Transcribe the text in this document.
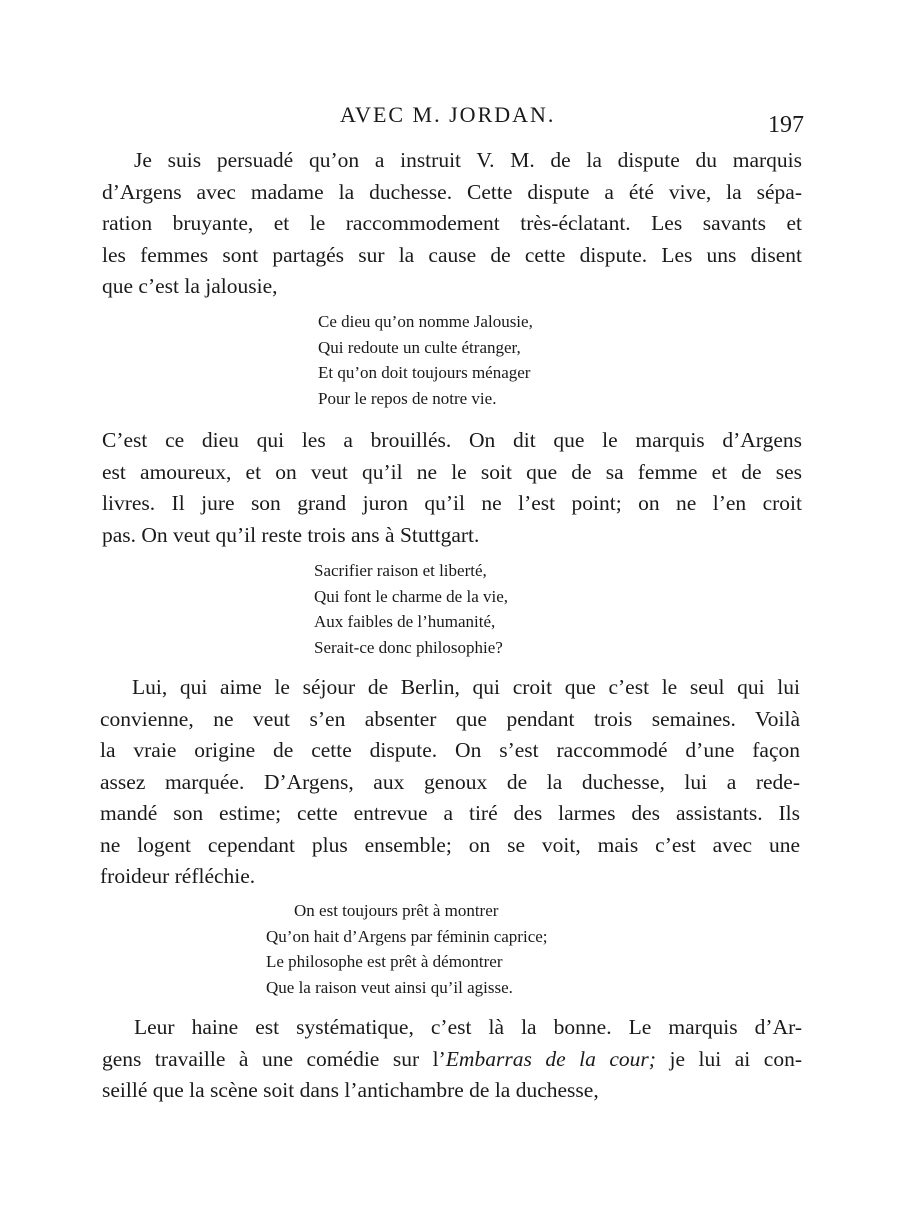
AVEC M. JORDAN.	197
Je suis persuadé qu’on a instruit V. M. de la dispute du marquis
d’Argens avec madame la duchesse. Cette dispute a été vive, la sépa-
ration bruyante, et le raccommodement très-éclatant. Les savants et
les femmes sont partagés sur la cause de cette dispute. Les uns disent
que c’est la jalousie,
Ce dieu qu’on nomme Jalousie,
Qui redoute un culte étranger,
Et qu’on doit toujours ménager
Pour le repos de notre vie.
C’est ce dieu qui les a brouillés. On dit que le marquis d’Argens
est amoureux, et on veut qu’il ne le soit que de sa femme et de ses
livres. Il jure son grand juron qu’il ne l’est point; on ne l’en croit
pas. On veut qu’il reste trois ans à Stuttgart.
Sacrifier raison et liberté,
Qui font le charme de la vie,
Aux faibles de l’humanité,
Serait-ce donc philosophie?
Lui, qui aime le séjour de Berlin, qui croit que c’est le seul qui lui
convienne, ne veut s’en absenter que pendant trois semaines. Voilà
la vraie origine de cette dispute. On s’est raccommodé d’une façon
assez marquée. D’Argens, aux genoux de la duchesse, lui a rede-
mandé son estime; cette entrevue a tiré des larmes des assistants. Ils
ne logent cependant plus ensemble; on se voit, mais c’est avec une
froideur réfléchie.
On est toujours prêt à montrer
Qu’on hait d’Argens par féminin caprice;
Le philosophe est prêt à démontrer
Que la raison veut ainsi qu’il agisse.
Leur haine est systématique, c’est là la bonne. Le marquis d’Ar-
gens travaille à une comédie sur l’Embarras de la cour; je lui ai con-
seillé que la scène soit dans l’antichambre de la duchesse,
